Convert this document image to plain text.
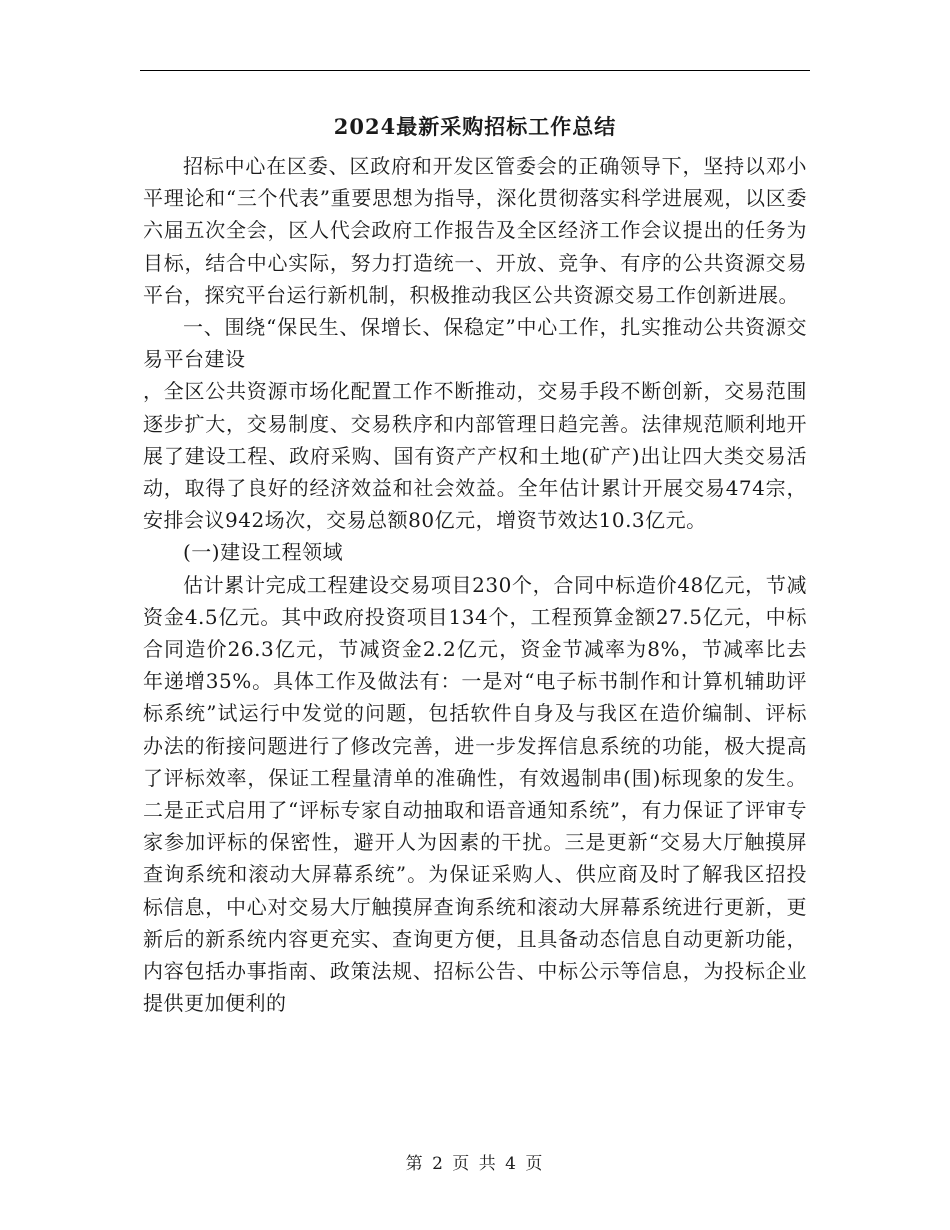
2024最新采购招标工作总结

招标中心在区委、区政府和开发区管委会的正确领导下，坚持以邓小平理论和“三个代表”重要思想为指导，深化贯彻落实科学进展观，以区委六届五次全会，区人代会政府工作报告及全区经济工作会议提出的任务为目标，结合中心实际，努力打造统一、开放、竞争、有序的公共资源交易平台，探究平台运行新机制，积极推动我区公共资源交易工作创新进展。

一、围绕“保民生、保增长、保稳定”中心工作，扎实推动公共资源交易平台建设

，全区公共资源市场化配置工作不断推动，交易手段不断创新，交易范围逐步扩大，交易制度、交易秩序和内部管理日趋完善。法律规范顺利地开展了建设工程、政府采购、国有资产产权和土地(矿产)出让四大类交易活动，取得了良好的经济效益和社会效益。全年估计累计开展交易474宗，安排会议942场次，交易总额80亿元，增资节效达10.3亿元。

(一)建设工程领域

估计累计完成工程建设交易项目230个，合同中标造价48亿元，节减资金4.5亿元。其中政府投资项目134个，工程预算金额27.5亿元，中标合同造价26.3亿元，节减资金2.2亿元，资金节减率为8%，节减率比去年递增35%。具体工作及做法有：一是对“电子标书制作和计算机辅助评标系统”试运行中发觉的问题，包括软件自身及与我区在造价编制、评标办法的衔接问题进行了修改完善，进一步发挥信息系统的功能，极大提高了评标效率，保证工程量清单的准确性，有效遏制串(围)标现象的发生。二是正式启用了“评标专家自动抽取和语音通知系统”，有力保证了评审专家参加评标的保密性，避开人为因素的干扰。三是更新“交易大厅触摸屏查询系统和滚动大屏幕系统”。为保证采购人、供应商及时了解我区招投标信息，中心对交易大厅触摸屏查询系统和滚动大屏幕系统进行更新，更新后的新系统内容更充实、查询更方便，且具备动态信息自动更新功能，内容包括办事指南、政策法规、招标公告、中标公示等信息，为投标企业提供更加便利的

第 2 页 共 4 页
